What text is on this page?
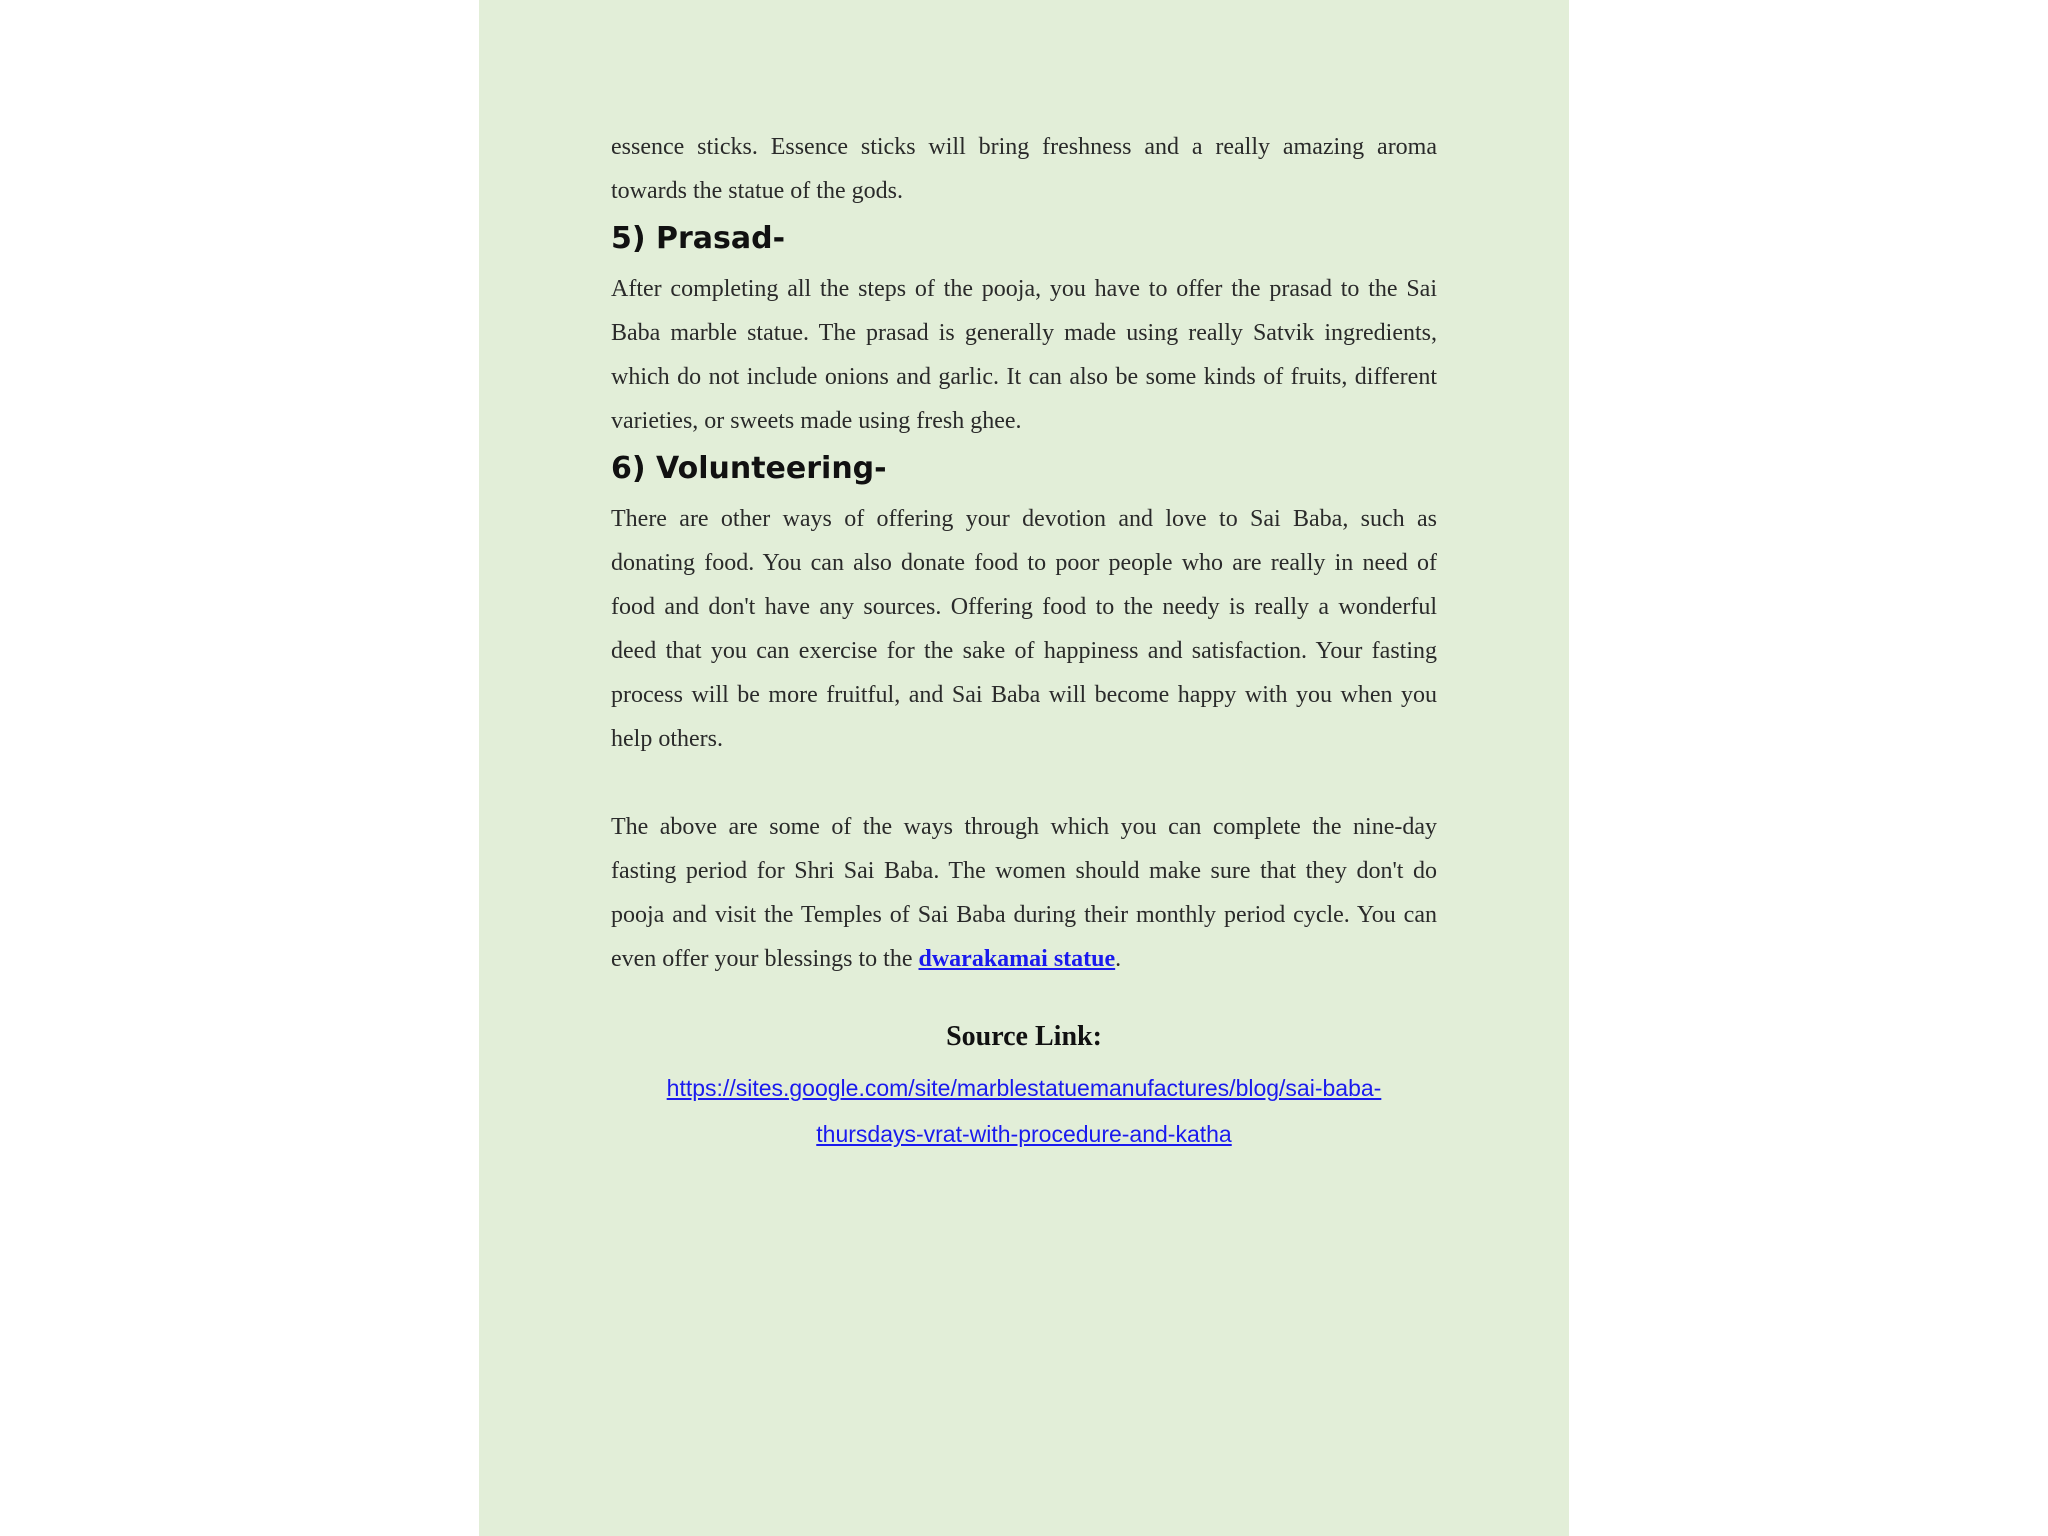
essence sticks. Essence sticks will bring freshness and a really amazing aroma towards the statue of the gods.

5) Prasad-

After completing all the steps of the pooja, you have to offer the prasad to the Sai Baba marble statue. The prasad is generally made using really Satvik ingredients, which do not include onions and garlic. It can also be some kinds of fruits, different varieties, or sweets made using fresh ghee.

6) Volunteering-

There are other ways of offering your devotion and love to Sai Baba, such as donating food. You can also donate food to poor people who are really in need of food and don't have any sources. Offering food to the needy is really a wonderful deed that you can exercise for the sake of happiness and satisfaction. Your fasting process will be more fruitful, and Sai Baba will become happy with you when you help others.

The above are some of the ways through which you can complete the nine-day fasting period for Shri Sai Baba. The women should make sure that they don't do pooja and visit the Temples of Sai Baba during their monthly period cycle. You can even offer your blessings to the dwarakamai statue.

Source Link:
https://sites.google.com/site/marblestatuemanufactures/blog/sai-baba-
thursdays-vrat-with-procedure-and-katha
